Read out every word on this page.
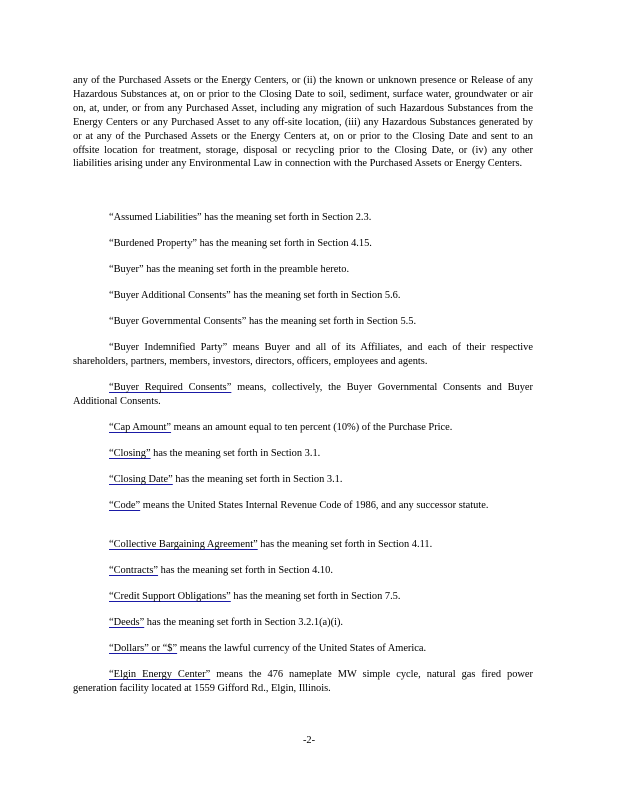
any of the Purchased Assets or the Energy Centers, or (ii) the known or unknown presence or Release of any Hazardous Substances at, on or prior to the Closing Date to soil, sediment, surface water, groundwater or air on, at, under, or from any Purchased Asset, including any migration of such Hazardous Substances from the Energy Centers or any Purchased Asset to any off-site location, (iii) any Hazardous Substances generated by or at any of the Purchased Assets or the Energy Centers at, on or prior to the Closing Date and sent to an offsite location for treatment, storage, disposal or recycling prior to the Closing Date, or (iv) any other liabilities arising under any Environmental Law in connection with the Purchased Assets or Energy Centers.
“Assumed Liabilities” has the meaning set forth in Section 2.3.
“Burdened Property” has the meaning set forth in Section 4.15.
“Buyer” has the meaning set forth in the preamble hereto.
“Buyer Additional Consents” has the meaning set forth in Section 5.6.
“Buyer Governmental Consents” has the meaning set forth in Section 5.5.
“Buyer Indemnified Party” means Buyer and all of its Affiliates, and each of their respective shareholders, partners, members, investors, directors, officers, employees and agents.
“Buyer Required Consents” means, collectively, the Buyer Governmental Consents and Buyer Additional Consents.
“Cap Amount” means an amount equal to ten percent (10%) of the Purchase Price.
“Closing” has the meaning set forth in Section 3.1.
“Closing Date” has the meaning set forth in Section 3.1.
“Code” means the United States Internal Revenue Code of 1986, and any successor statute.
“Collective Bargaining Agreement” has the meaning set forth in Section 4.11.
“Contracts” has the meaning set forth in Section 4.10.
“Credit Support Obligations” has the meaning set forth in Section 7.5.
“Deeds” has the meaning set forth in Section 3.2.1(a)(i).
“Dollars” or “$” means the lawful currency of the United States of America.
“Elgin Energy Center” means the 476 nameplate MW simple cycle, natural gas fired power generation facility located at 1559 Gifford Rd., Elgin, Illinois.
-2-
